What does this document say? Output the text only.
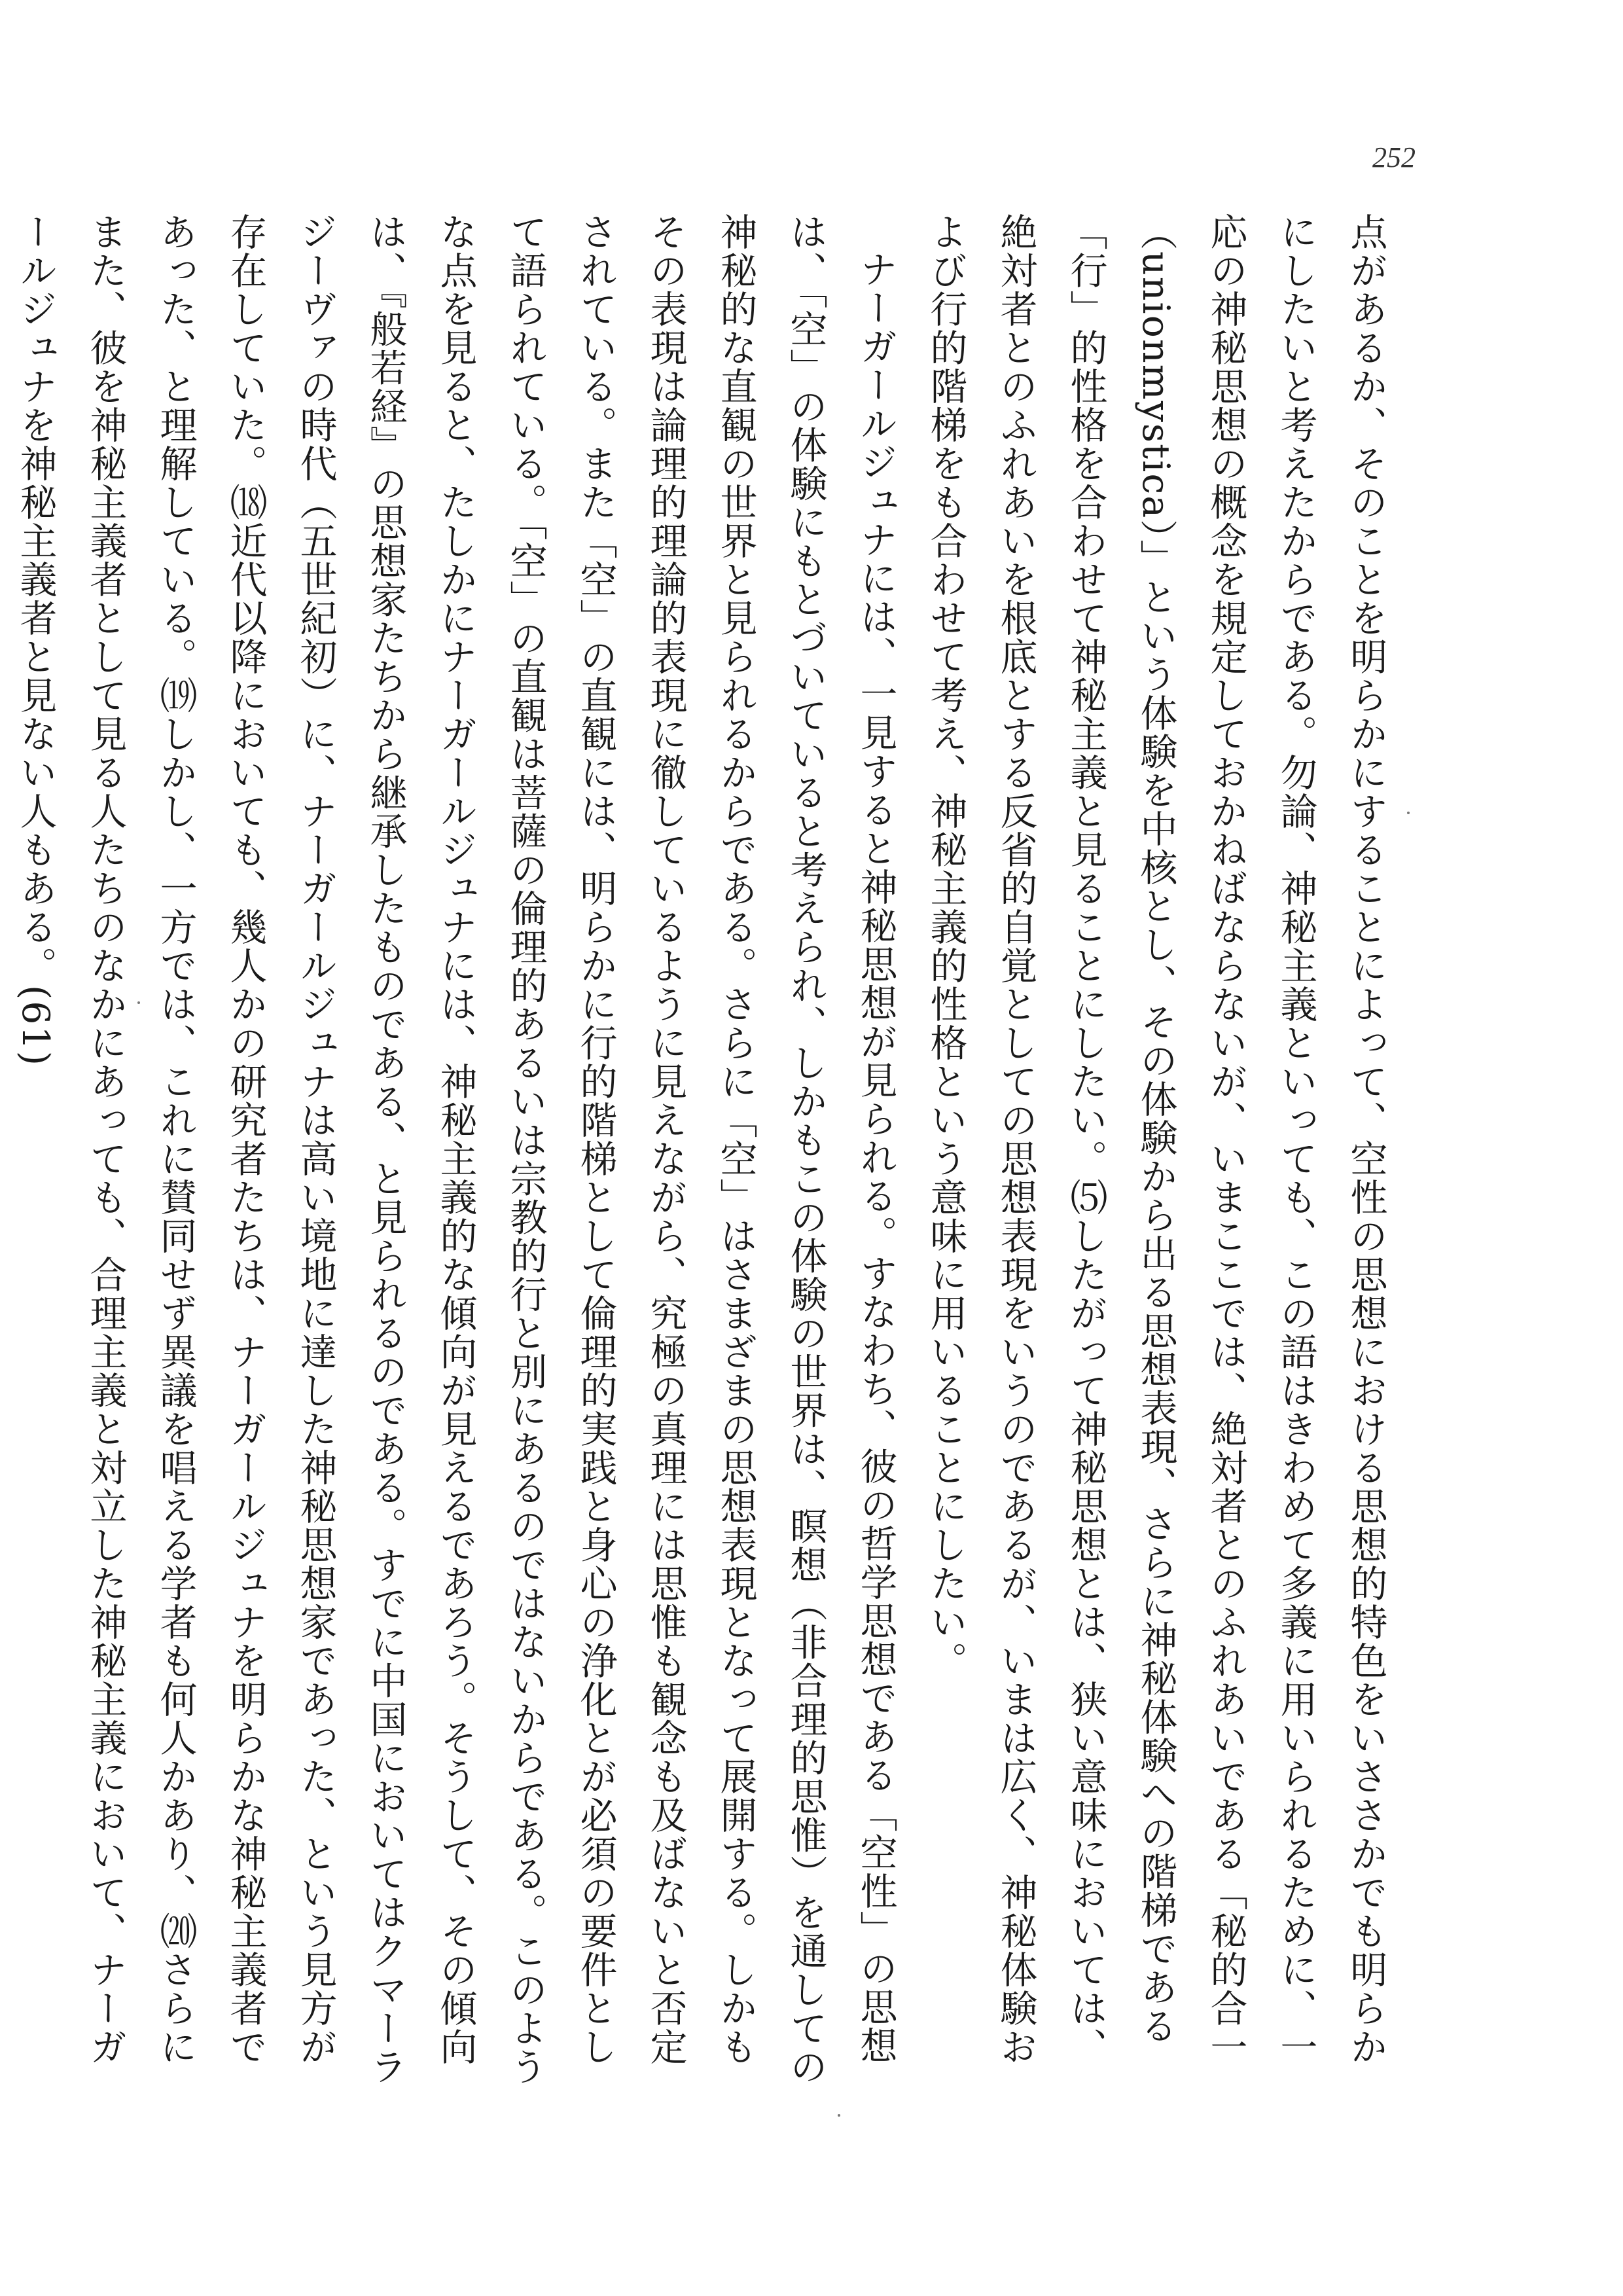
252

点があるか、そのことを明らかにすることによって、空性の思想における思想的特色をいささかでも明らかにしたいと考えたからである。勿論、神秘主義といっても、この語はきわめて多義に用いられるために、一応の神秘思想の概念を規定しておかねばならないが、いまここでは、絶対者とのふれあいである「秘的合一（unionmystica）」という体験を中核とし、その体験から出る思想表現、さらに神秘体験への階梯である「行」的性格を合わせて神秘主義と見ることにしたい。⑸したがって神秘思想とは、狭い意味においては、絶対者とのふれあいを根底とする反省的自覚としての思想表現をいうのであるが、いまは広く、神秘体験および行的階梯をも合わせて考え、神秘主義的性格という意味に用いることにしたい。

ナーガールジュナには、一見すると神秘思想が見られる。すなわち、彼の哲学思想である「空性」の思想は、「空」の体験にもとづいていると考えられ、しかもこの体験の世界は、瞑想（非合理的思惟）を通しての神秘的な直観の世界と見られるからである。さらに「空」はさまざまの思想表現となって展開する。しかもその表現は論理的理論的表現に徹しているように見えながら、究極の真理には思惟も観念も及ばないと否定されている。また「空」の直観には、明らかに行的階梯として倫理的実践と身心の浄化とが必須の要件として語られている。「空」の直観は菩薩の倫理的あるいは宗教的行と別にあるのではないからである。このような点を見ると、たしかにナーガールジュナには、神秘主義的な傾向が見えるであろう。そうして、その傾向は、『般若経』の思想家たちから継承したものである、と見られるのである。すでに中国においてはクマーラジーヴァの時代（五世紀初）に、ナーガールジュナは高い境地に達した神秘思想家であった、という見方が存在していた。⒅近代以降においても、幾人かの研究者たちは、ナーガールジュナを明らかな神秘主義者であった、と理解している。⒆しかし、一方では、これに賛同せず異議を唱える学者も何人かあり、⒇さらにまた、彼を神秘主義者として見る人たちのなかにあっても、合理主義と対立した神秘主義において、ナーガールジュナを神秘主義者と見ない人もある。(61)
